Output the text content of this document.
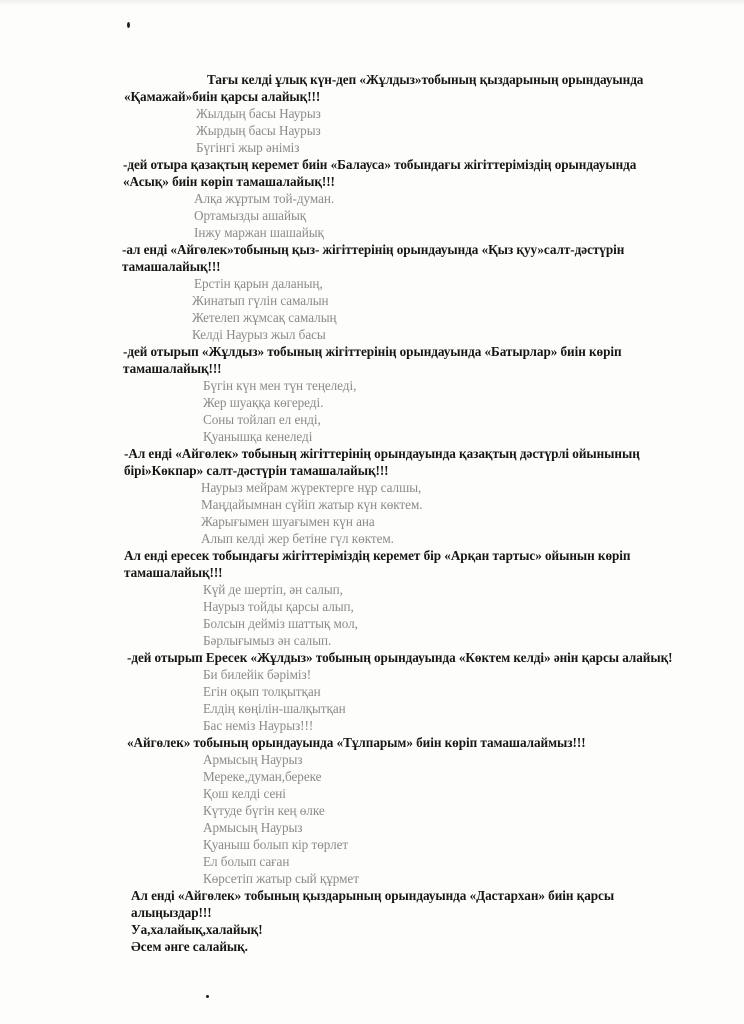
Тағы келді ұлық күн-деп «Жұлдыз»тобының қыздарының орындауында
«Қамажай»биін қарсы алайық!!!
Жылдың басы Наурыз
Жырдың басы Наурыз
Бүгінгі жыр әніміз
-дей отыра қазақтың керемет биін «Балауса» тобындағы жігіттеріміздің орындауында
«Асық» биін көріп тамашалайық!!!
Алқа жұртым той-думан.
Ортамызды ашайық
Інжу маржан шашайық
-ал енді «Айгөлек»тобының қыз- жігіттерінің орындауында «Қыз қуу»салт-дәстүрін
тамашалайық!!!
Ерстін қарын даланың,
Жинатып гүлін самалын
Жетелеп жұмсақ самалың
Келді Наурыз жыл басы
-дей отырып «Жұлдыз» тобының жігіттерінің орындауында «Батырлар» биін көріп
тамашалайық!!!
Бүгін күн мен түн теңеледі,
Жер шуаққа көгереді.
Соны тойлап ел енді,
Қуанышқа кенеледі
-Ал енді «Айгөлек» тобының жігіттерінің орындауында қазақтың дәстүрлі ойынының
бірі»Көкпар» салт-дәстүрін тамашалайық!!!
Наурыз мейрам жүректерге нұр салшы,
Маңдайымнан сүйіп жатыр күн көктем.
Жарығымен шуағымен күн ана
Алып келді жер бетіне гүл көктем.
Ал енді ересек тобындағы жігіттеріміздің керемет бір «Арқан тартыс» ойынын көріп
тамашалайық!!!
Күй де шертіп, ән салып,
Наурыз тойды қарсы алып,
Болсын дейміз шаттық мол,
Бәрлығымыз ән салып.
-дей отырып Ересек «Жұлдыз» тобының орындауында «Көктем келді» әнін қарсы алайық!
Би билейік бәріміз!
Егін оқып толқытқан
Елдің көңілін-шалқытқан
Бас неміз Наурыз!!!
«Айгөлек» тобының орындауында «Тұлпарым» биін көріп тамашалаймыз!!!
Армысың Наурыз
Мереке,думан,береке
Қош келді сені
Күтуде бүгін кең өлке
Армысың Наурыз
Қуаныш болып кір төрлет
Ел болып саған
Көрсетіп жатыр сый құрмет
Ал енді «Айгөлек» тобының қыздарының орындауында «Дастархан» биін қарсы
алыңыздар!!!
Уа,халайық,халайық!
Әсем әнге салайық.
